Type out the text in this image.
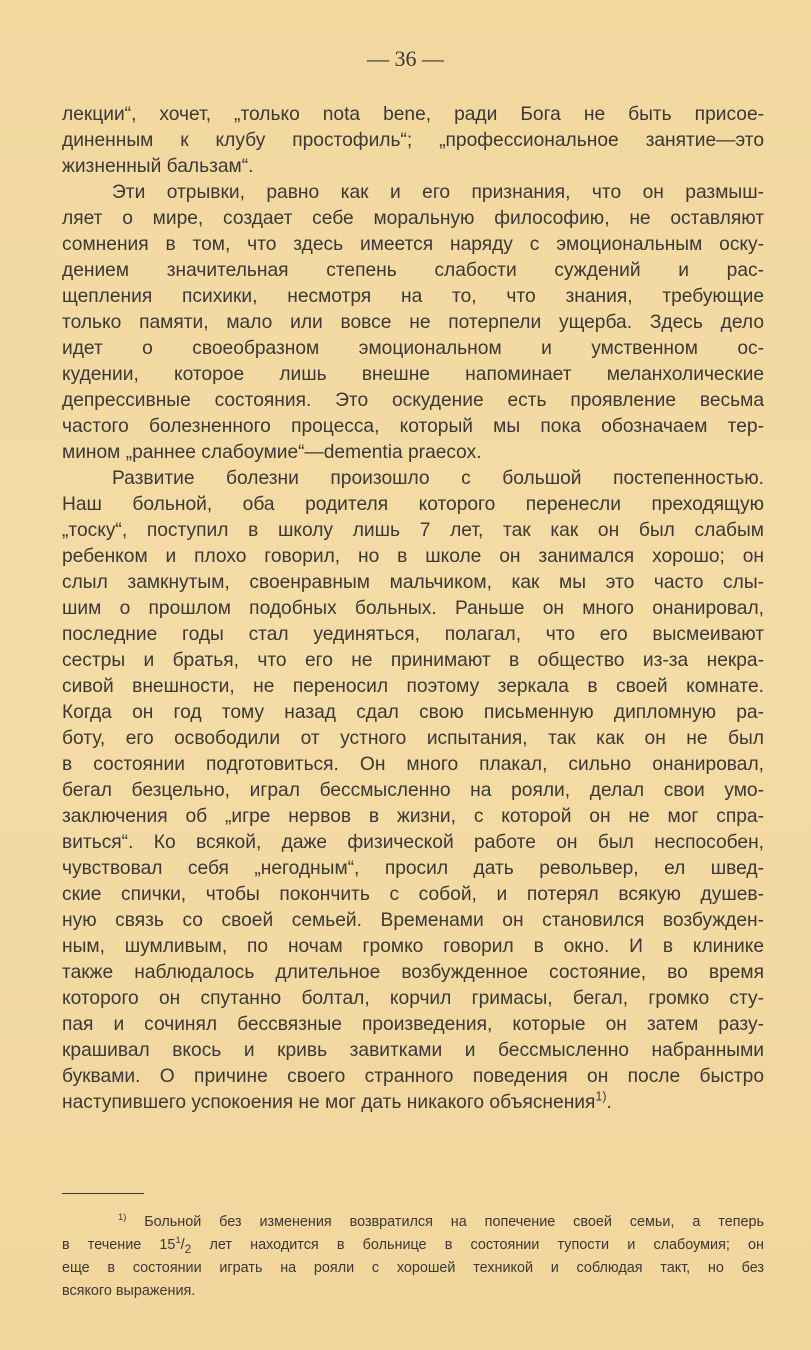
— 36 —
лекции“, хочет, „только nota bene, ради Бога не быть присое-
диненным к клубу простофиль“; „профессиональное занятие—это
жизненный бальзам“.
Эти отрывки, равно как и его признания, что он размыш-
ляет о мире, создает себе моральную философию, не оставляют
сомнения в том, что здесь имеется наряду с эмоциональным оску-
дением значительная степень слабости суждений и рас-
щепления психики, несмотря на то, что знания, требующие
только памяти, мало или вовсе не потерпели ущерба. Здесь дело
идет о своеобразном эмоциональном и умственном ос-
кудении, которое лишь внешне напоминает меланхолические
депрессивные состояния. Это оскудение есть проявление весьма
частого болезненного процесса, который мы пока обозначаем тер-
мином „раннее слабоумие“—dementia praecox.
Развитие болезни произошло с большой постепенностью.
Наш больной, оба родителя которого перенесли преходящую
„тоску“, поступил в школу лишь 7 лет, так как он был слабым
ребенком и плохо говорил, но в школе он занимался хорошо; он
слыл замкнутым, своенравным мальчиком, как мы это часто слы-
шим о прошлом подобных больных. Раньше он много онанировал,
последние годы стал уединяться, полагал, что его высмеивают
сестры и братья, что его не принимают в общество из-за некра-
сивой внешности, не переносил поэтому зеркала в своей комнате.
Когда он год тому назад сдал свою письменную дипломную ра-
боту, его освободили от устного испытания, так как он не был
в состоянии подготовиться. Он много плакал, сильно онанировал,
бегал безцельно, играл бессмысленно на рояли, делал свои умо-
заключения об „игре нервов в жизни, с которой он не мог спра-
виться“. Ко всякой, даже физической работе он был неспособен,
чувствовал себя „негодным“, просил дать револьвер, ел швед-
ские спички, чтобы покончить с собой, и потерял всякую душев-
ную связь со своей семьей. Временами он становился возбужден-
ным, шумливым, по ночам громко говорил в окно. И в клинике
также наблюдалось длительное возбужденное состояние, во время
которого он спутанно болтал, корчил гримасы, бегал, громко сту-
пая и сочинял бессвязные произведения, которые он затем разу-
крашивал вкось и кривь завитками и бессмысленно набранными
буквами. О причине своего странного поведения он после быстро
наступившего успокоения не мог дать никакого объяснения$^{1)}$.
$^{1)}$ Больной без изменения возвратился на попечение своей семьи, а теперь
в течение $15^1/_2$ лет находится в больнице в состоянии тупости и слабоумия; он
еще в состоянии играть на рояли с хорошей техникой и соблюдая такт, но без
всякого выражения.
